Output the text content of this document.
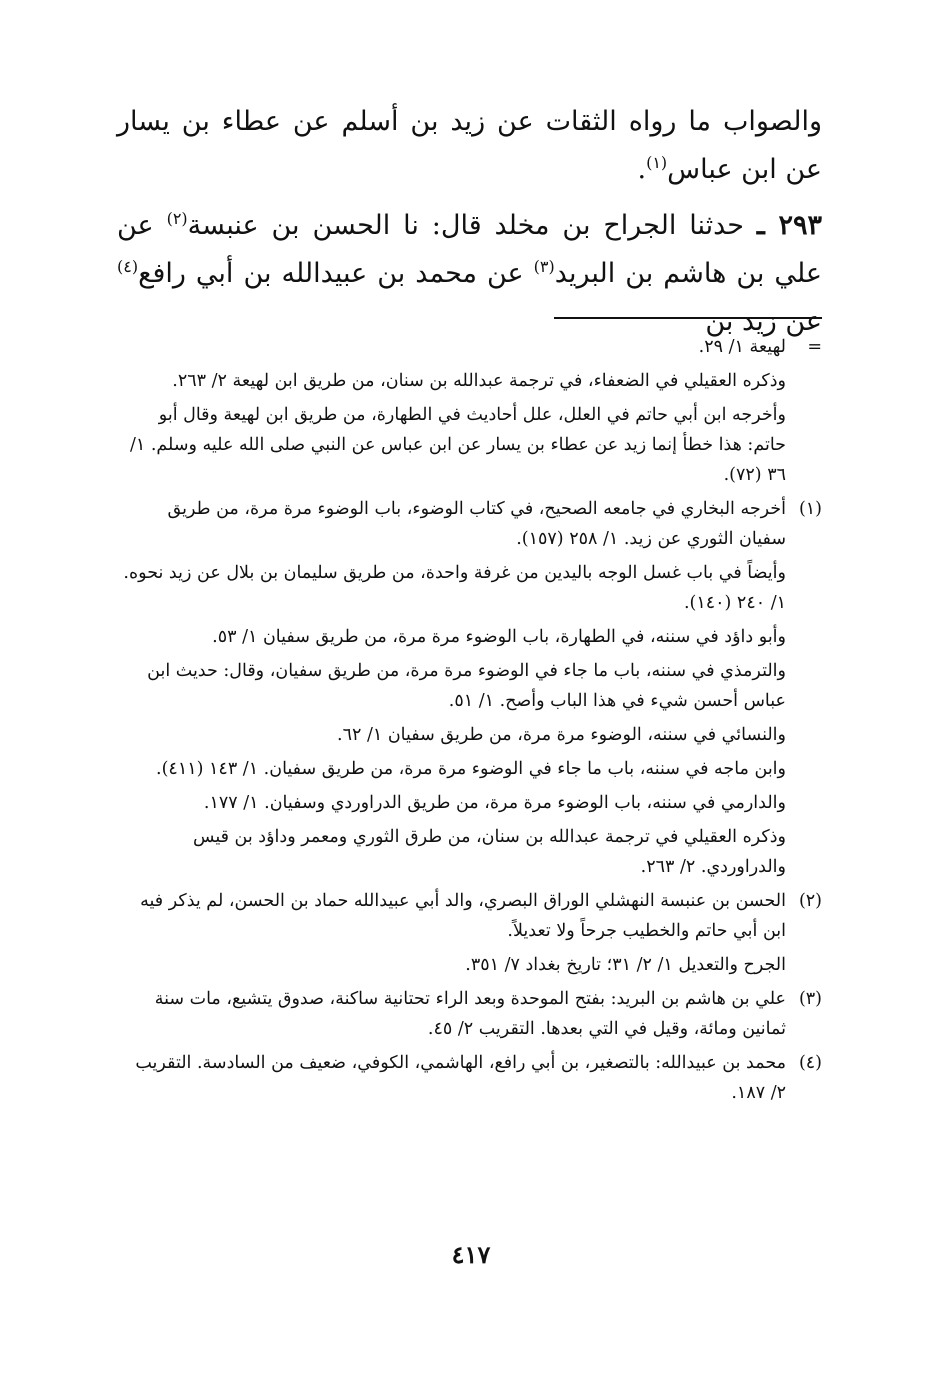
والصواب ما رواه الثقات عن زيد بن أسلم عن عطاء بن يسار عن ابن عباس$^{(١)}$.

٢٩٣ ـ حدثنا الجراح بن مخلد قال: نا الحسن بن عنبسة$^{(٢)}$ عن علي بن هاشم بن البريد$^{(٣)}$ عن محمد بن عبيدالله بن أبي رافع$^{(٤)}$ عن زيد بن

=
لهيعة ١/ ٢٩.
وذكره العقيلي في الضعفاء، في ترجمة عبدالله بن سنان، من طريق ابن لهيعة ٢/ ٢٦٣.
وأخرجه ابن أبي حاتم في العلل، علل أحاديث في الطهارة، من طريق ابن لهيعة وقال أبو حاتم: هذا خطأ إنما زيد عن عطاء بن يسار عن ابن عباس عن النبي صلى الله عليه وسلم. ١/ ٣٦ (٧٢).
(١)
أخرجه البخاري في جامعه الصحيح، في كتاب الوضوء، باب الوضوء مرة مرة، من طريق سفيان الثوري عن زيد. ١/ ٢٥٨ (١٥٧).
وأيضاً في باب غسل الوجه باليدين من غرفة واحدة، من طريق سليمان بن بلال عن زيد نحوه. ١/ ٢٤٠ (١٤٠).
وأبو داؤد في سننه، في الطهارة، باب الوضوء مرة مرة، من طريق سفيان ١/ ٥٣.
والترمذي في سننه، باب ما جاء في الوضوء مرة مرة، من طريق سفيان، وقال: حديث ابن عباس أحسن شيء في هذا الباب وأصح. ١/ ٥١.
والنسائي في سننه، الوضوء مرة مرة، من طريق سفيان ١/ ٦٢.
وابن ماجه في سننه، باب ما جاء في الوضوء مرة مرة، من طريق سفيان. ١/ ١٤٣ (٤١١).
والدارمي في سننه، باب الوضوء مرة مرة، من طريق الدراوردي وسفيان. ١/ ١٧٧.
وذكره العقيلي في ترجمة عبدالله بن سنان، من طرق الثوري ومعمر وداؤد بن قيس والدراوردي. ٢/ ٢٦٣.
(٢)
الحسن بن عنبسة النهشلي الوراق البصري، والد أبي عبيدالله حماد بن الحسن، لم يذكر فيه ابن أبي حاتم والخطيب جرحاً ولا تعديلاً.
الجرح والتعديل ١/ ٢/ ٣١؛ تاريخ بغداد ٧/ ٣٥١.
(٣)
علي بن هاشم بن البريد: بفتح الموحدة وبعد الراء تحتانية ساكنة، صدوق يتشيع، مات سنة ثمانين ومائة، وقيل في التي بعدها. التقريب ٢/ ٤٥.
(٤)
محمد بن عبيدالله: بالتصغير، بن أبي رافع، الهاشمي، الكوفي، ضعيف من السادسة. التقريب ٢/ ١٨٧.
٤١٧
